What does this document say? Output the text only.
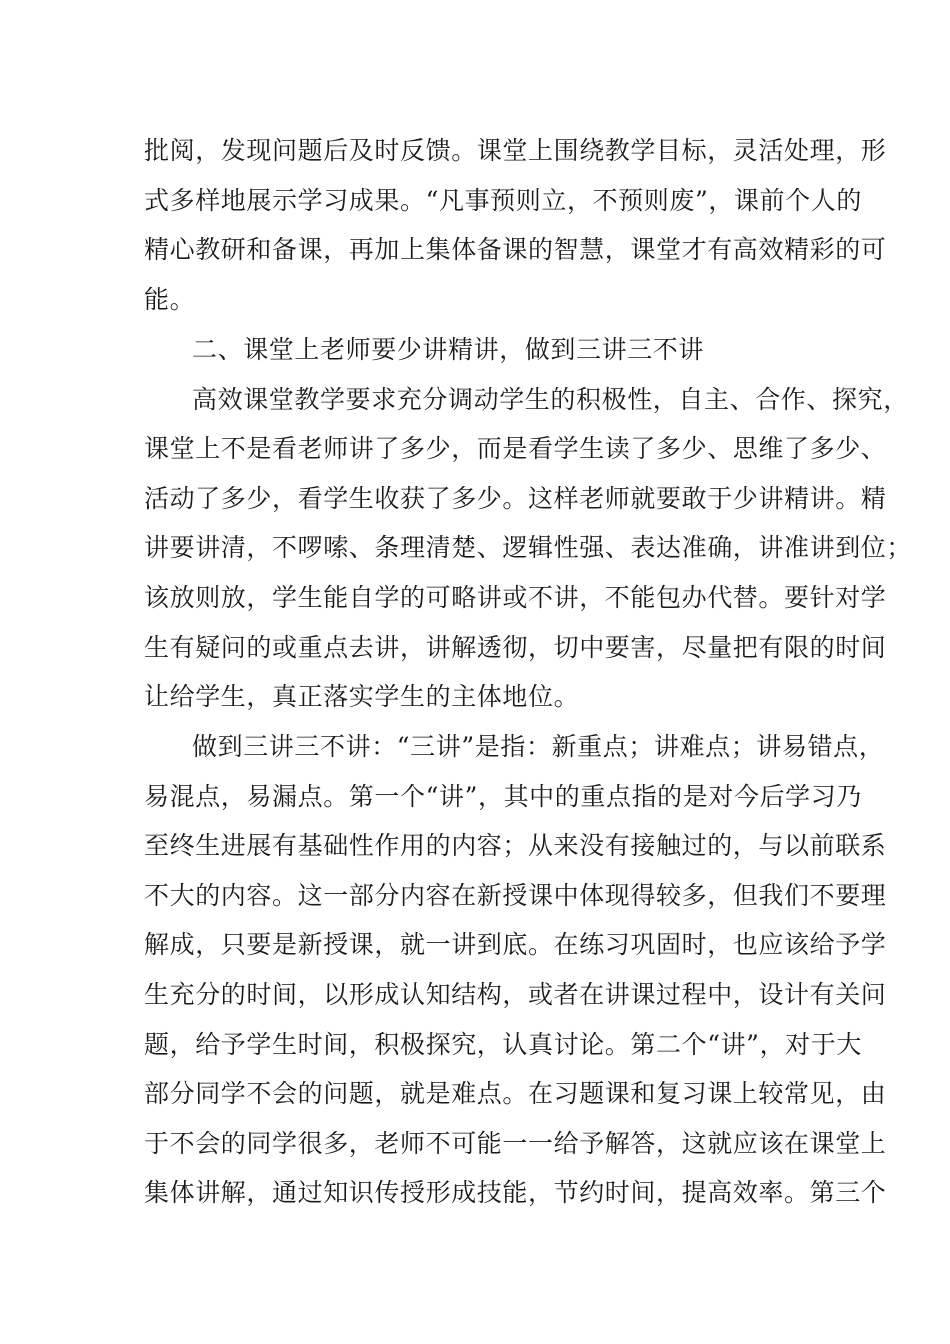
批阅，发现问题后及时反馈。课堂上围绕教学目标，灵活处理，形
式多样地展示学习成果。“凡事预则立，不预则废”，课前个人的
精心教研和备课，再加上集体备课的智慧，课堂才有高效精彩的可
能。
二、课堂上老师要少讲精讲，做到三讲三不讲
高效课堂教学要求充分调动学生的积极性，自主、合作、探究，
课堂上不是看老师讲了多少，而是看学生读了多少、思维了多少、
活动了多少，看学生收获了多少。这样老师就要敢于少讲精讲。精
讲要讲清，不啰嗦、条理清楚、逻辑性强、表达准确，讲准讲到位；
该放则放，学生能自学的可略讲或不讲，不能包办代替。要针对学
生有疑问的或重点去讲，讲解透彻，切中要害，尽量把有限的时间
让给学生，真正落实学生的主体地位。
做到三讲三不讲：“三讲”是指：新重点；讲难点；讲易错点，
易混点，易漏点。第一个“讲”，其中的重点指的是对今后学习乃
至终生进展有基础性作用的内容；从来没有接触过的，与以前联系
不大的内容。这一部分内容在新授课中体现得较多，但我们不要理
解成，只要是新授课，就一讲到底。在练习巩固时，也应该给予学
生充分的时间，以形成认知结构，或者在讲课过程中，设计有关问
题，给予学生时间，积极探究，认真讨论。第二个“讲”，对于大
部分同学不会的问题，就是难点。在习题课和复习课上较常见，由
于不会的同学很多，老师不可能一一给予解答，这就应该在课堂上
集体讲解，通过知识传授形成技能，节约时间，提高效率。第三个
